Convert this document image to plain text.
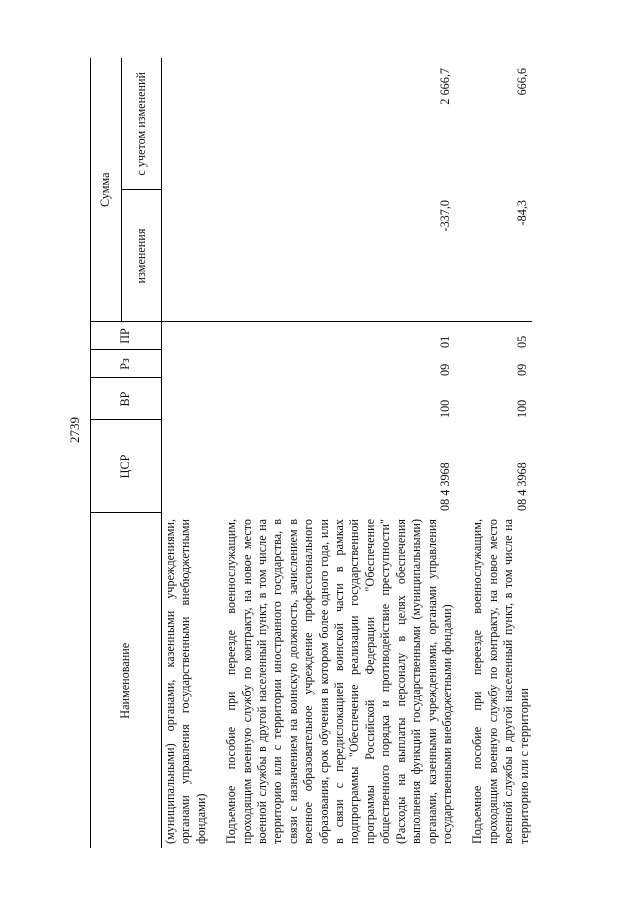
2739
Наименование	ЦСР	ВР	Рз	ПР	Сумма	
					изменения	с учетом изменений
(муниципальными) органами, казенными учреждениями, органами управления государственными внебюджетными фондами)						

Подъемное пособие при переезде военнослужащим, проходящим военную службу по контракту, на новое место военной службы в другой населенный пункт, в том числе на территорию или с территории иностранного государства, в связи с назначением на воинскую должность, зачислением в военное образовательное учреждение профессионального образования, срок обучения в котором более одного года, или в связи с передислокацией воинской части в рамках подпрограммы "Обеспечение реализации государственной программы Российской Федерации "Обеспечение общественного порядка и противодействие преступности" (Расходы на выплаты персоналу в целях обеспечения выполнения функций государственными (муниципальными) органами, казенными учреждениями, органами управления государственными внебюджетными фондами)	08 4 3968	100	09	01	-337,0	2 666,7

Подъемное пособие при переезде военнослужащим, проходящим военную службу по контракту, на новое место военной службы в другой населенный пункт, в том числе на территорию или с территории	08 4 3968	100	09	05	-84,3	666,6
